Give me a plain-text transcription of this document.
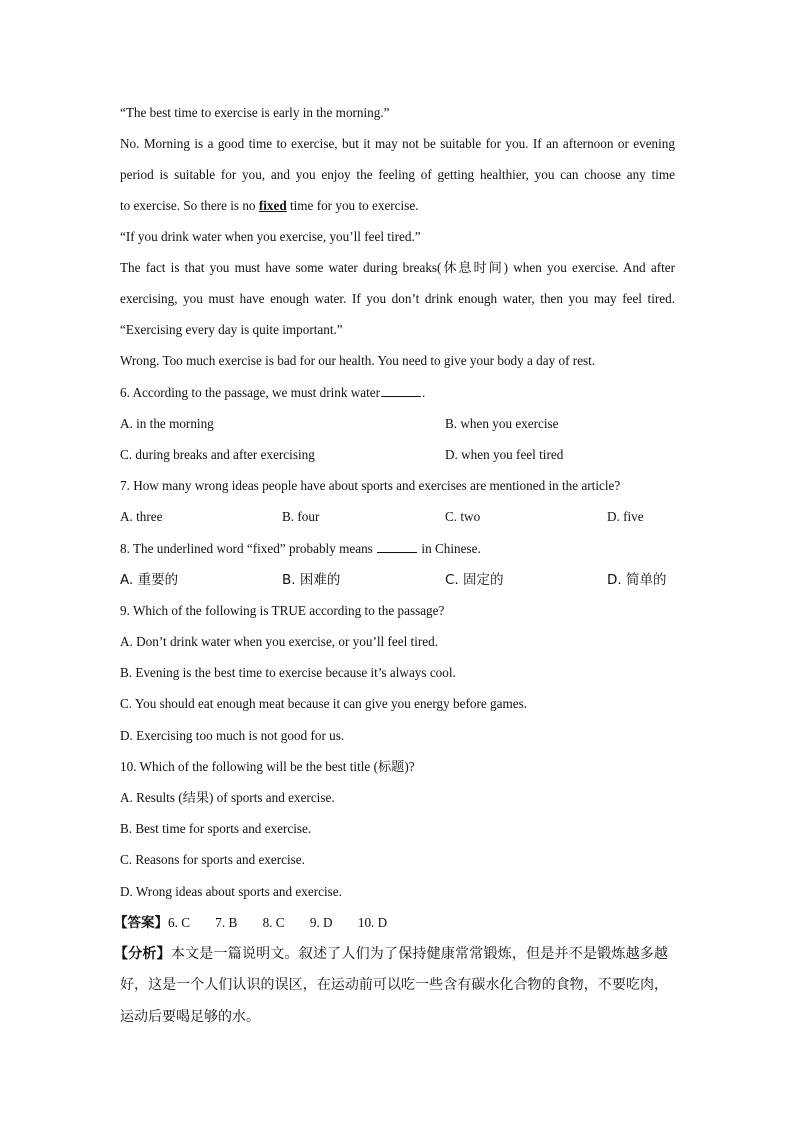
“The best time to exercise is early in the morning.”
No. Morning is a good time to exercise, but it may not be suitable for you. If an afternoon or evening
period is suitable for you, and you enjoy the feeling of getting healthier, you can choose any time
to exercise. So there is no fixed time for you to exercise.
“If you drink water when you exercise, you’ll feel tired.”
The fact is that you must have some water during breaks(休息时间) when you exercise. And after
exercising, you must have enough water. If you don’t drink enough water, then you may feel tired.
“Exercising every day is quite important.”
Wrong. Too much exercise is bad for our health. You need to give your body a day of rest.
6. According to the passage, we must drink water	.
A. in the morning	B. when you exercise
C. during breaks and after exercising	D. when you feel tired
7. How many wrong ideas people have about sports and exercises are mentioned in the article?
A. three	B. four	C. two	D. five
8. The underlined word “fixed” probably means	in Chinese.
A. 重要的	B. 困难的	C. 固定的	D. 简单的
9. Which of the following is TRUE according to the passage?
A. Don’t drink water when you exercise, or you’ll feel tired.
B. Evening is the best time to exercise because it’s always cool.
C. You should eat enough meat because it can give you energy before games.
D. Exercising too much is not good for us.
10. Which of the following will be the best title (标题)?
A. Results (结果) of sports and exercise.
B. Best time for sports and exercise.
C. Reasons for sports and exercise.
D. Wrong ideas about sports and exercise.
【答案】6. C 7. B 8. C 9. D 10. D
【分析】本文是一篇说明文。叙述了人们为了保持健康常常锻炼，但是并不是锻炼越多越
好，这是一个人们认识的误区，在运动前可以吃一些含有碳水化合物的食物，不要吃肉，
运动后要喝足够的水。
